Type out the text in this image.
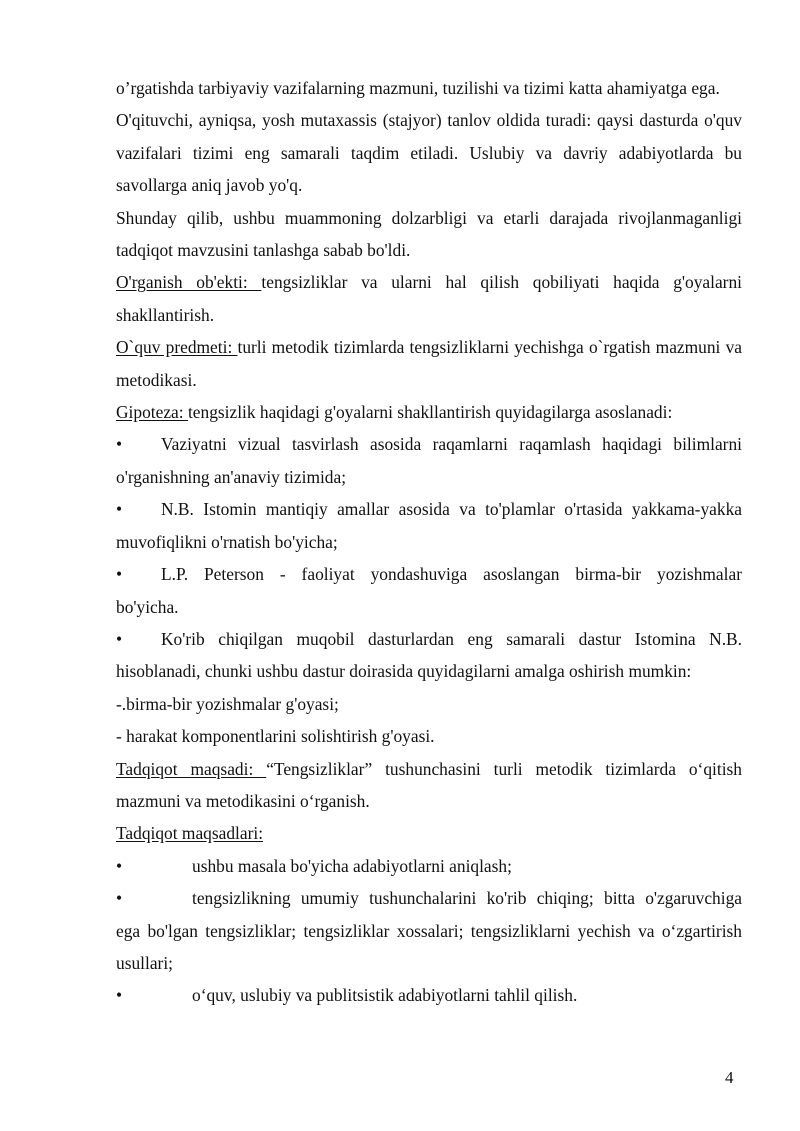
o’rgatishda tarbiyaviy vazifalarning mazmuni, tuzilishi va tizimi katta ahamiyatga ega.

O'qituvchi, ayniqsa, yosh mutaxassis (stajyor) tanlov oldida turadi: qaysi dasturda o'quv vazifalari tizimi eng samarali taqdim etiladi. Uslubiy va davriy adabiyotlarda bu savollarga aniq javob yo'q.

Shunday qilib, ushbu muammoning dolzarbligi va etarli darajada rivojlanmaganligi tadqiqot mavzusini tanlashga sabab bo'ldi.

O'rganish ob'ekti: tengsizliklar va ularni hal qilish qobiliyati haqida g'oyalarni shakllantirish.

O`quv predmeti: turli metodik tizimlarda tengsizliklarni yechishga o`rgatish mazmuni va metodikasi.

Gipoteza: tengsizlik haqidagi g'oyalarni shakllantirish quyidagilarga asoslanadi:

• Vaziyatni vizual tasvirlash asosida raqamlarni raqamlash haqidagi bilimlarni

o'rganishning an'anaviy tizimida;

• N.B. Istomin mantiqiy amallar asosida va to'plamlar o'rtasida yakkama-yakka

muvofiqlikni o'rnatish bo'yicha;

• L.P. Peterson - faoliyat yondashuviga asoslangan birma-bir yozishmalar

bo'yicha.

• Ko'rib chiqilgan muqobil dasturlardan eng samarali dastur Istomina N.B.

hisoblanadi, chunki ushbu dastur doirasida quyidagilarni amalga oshirish mumkin:

-.birma-bir yozishmalar g'oyasi;

- harakat komponentlarini solishtirish g'oyasi.

Tadqiqot maqsadi: “Tengsizliklar” tushunchasini turli metodik tizimlarda o‘qitish mazmuni va metodikasini o‘rganish.

Tadqiqot maqsadlari:

•	ushbu masala bo'yicha adabiyotlarni aniqlash;

•	tengsizlikning umumiy tushunchalarini ko'rib chiqing; bitta o'zgaruvchiga

ega bo'lgan tengsizliklar; tengsizliklar xossalari; tengsizliklarni yechish va o‘zgartirish usullari;

•	o‘quv, uslubiy va publitsistik adabiyotlarni tahlil qilish.
4
